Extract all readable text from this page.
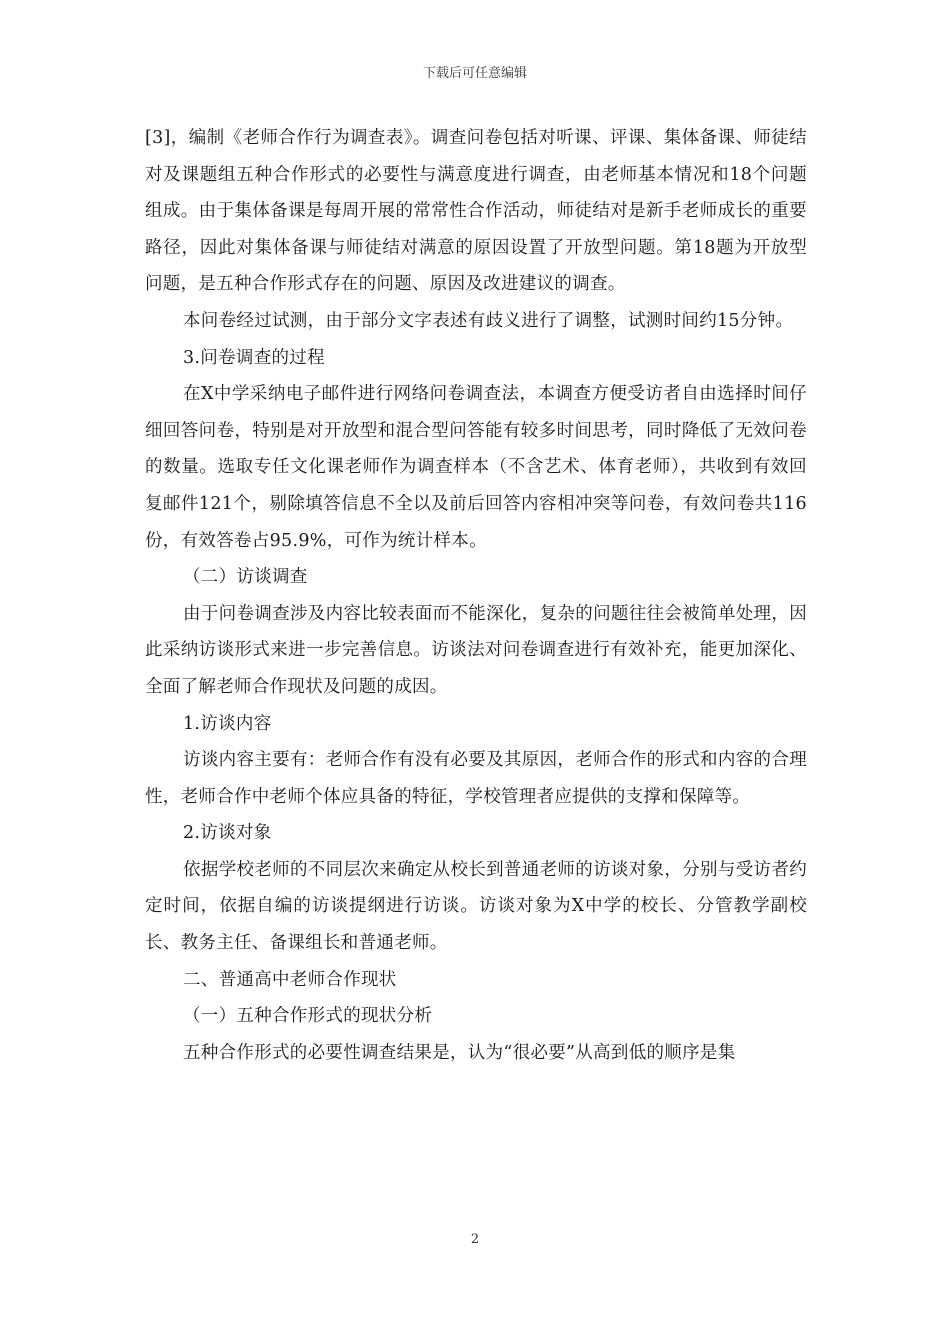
下载后可任意编辑

[3]，编制《老师合作行为调查表》。调查问卷包括对听课、评课、集体备课、师徒结对及课题组五种合作形式的必要性与满意度进行调查，由老师基本情况和18个问题组成。由于集体备课是每周开展的常常性合作活动，师徒结对是新手老师成长的重要路径，因此对集体备课与师徒结对满意的原因设置了开放型问题。第18题为开放型问题，是五种合作形式存在的问题、原因及改进建议的调查。

本问卷经过试测，由于部分文字表述有歧义进行了调整，试测时间约15分钟。

3.问卷调查的过程

在X中学采纳电子邮件进行网络问卷调查法，本调查方便受访者自由选择时间仔细回答问卷，特别是对开放型和混合型问答能有较多时间思考，同时降低了无效问卷的数量。选取专任文化课老师作为调查样本（不含艺术、体育老师），共收到有效回复邮件121个，剔除填答信息不全以及前后回答内容相冲突等问卷，有效问卷共116份，有效答卷占95.9%，可作为统计样本。

（二）访谈调查

由于问卷调查涉及内容比较表面而不能深化，复杂的问题往往会被简单处理，因此采纳访谈形式来进一步完善信息。访谈法对问卷调查进行有效补充，能更加深化、全面了解老师合作现状及问题的成因。

1.访谈内容

访谈内容主要有：老师合作有没有必要及其原因，老师合作的形式和内容的合理性，老师合作中老师个体应具备的特征，学校管理者应提供的支撑和保障等。

2.访谈对象

依据学校老师的不同层次来确定从校长到普通老师的访谈对象，分别与受访者约定时间，依据自编的访谈提纲进行访谈。访谈对象为X中学的校长、分管教学副校长、教务主任、备课组长和普通老师。

二、普通高中老师合作现状

（一）五种合作形式的现状分析

五种合作形式的必要性调查结果是，认为“很必要”从高到低的顺序是集

2
